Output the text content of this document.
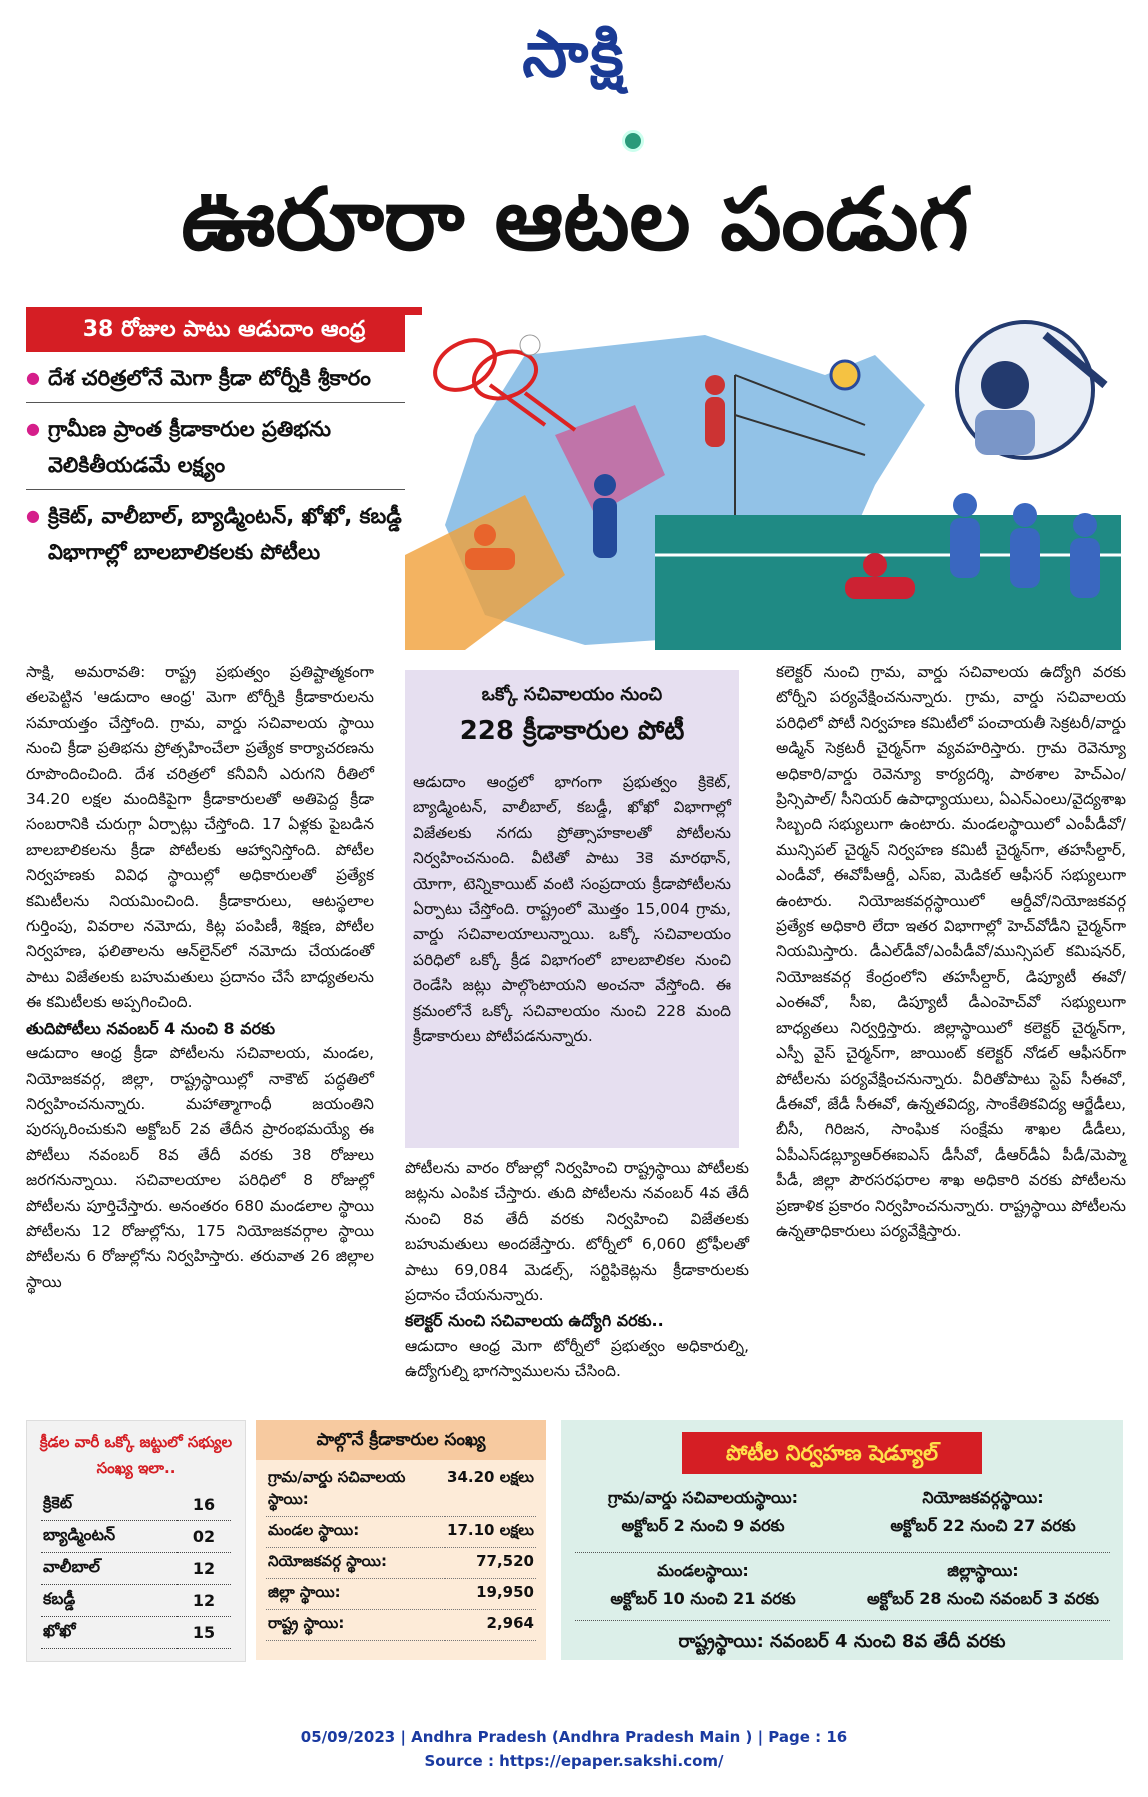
సాక్షి
ఊరూరా ఆటల పండుగ
38 రోజుల పాటు ఆడుదాం ఆంధ్ర
● దేశ చరిత్రలోనే మెగా క్రీడా టోర్నీకి శ్రీకారం
● గ్రామీణ ప్రాంత క్రీడాకారుల ప్రతిభను వెలికితీయడమే లక్ష్యం
● క్రికెట్, వాలీబాల్, బ్యాడ్మింటన్, ఖోఖో, కబడ్డీ విభాగాల్లో బాలబాలికలకు పోటీలు
సాక్షి, అమరావతి: రాష్ట్ర ప్రభుత్వం ప్రతిష్టాత్మకంగా తలపెట్టిన 'ఆడుదాం ఆంధ్ర' మెగా టోర్నీకి క్రీడాకారులను సమాయత్తం చేస్తోంది. గ్రామ, వార్డు సచివాలయ స్థాయి నుంచి క్రీడా ప్రతిభను ప్రోత్సహించేలా ప్రత్యేక కార్యాచరణను రూపొందించింది. దేశ చరిత్రలో కనీవినీ ఎరుగని రీతిలో 34.20 లక్షల మందికిపైగా క్రీడాకారులతో అతిపెద్ద క్రీడా సంబరానికి చురుగ్గా ఏర్పాట్లు చేస్తోంది. 17 ఏళ్లకు పైబడిన బాలబాలికలను క్రీడా పోటీలకు ఆహ్వానిస్తోంది. పోటీల నిర్వహణకు వివిధ స్థాయిల్లో అధికారులతో ప్రత్యేక కమిటీలను నియమించింది. క్రీడాకారులు, ఆటస్థలాల గుర్తింపు, వివరాల నమోదు, కిట్ల పంపిణీ, శిక్షణ, పోటీల నిర్వహణ, ఫలితాలను ఆన్‌లైన్‌లో నమోదు చేయడంతో పాటు విజేతలకు బహుమతులు ప్రదానం చేసే బాధ్యతలను ఈ కమిటీలకు అప్పగించింది.
తుదిపోటీలు నవంబర్ 4 నుంచి 8 వరకు
ఆడుదాం ఆంధ్ర క్రీడా పోటీలను సచివాలయ, మండల, నియోజకవర్గ, జిల్లా, రాష్ట్రస్థాయిల్లో నాకౌట్ పద్ధతిలో నిర్వహించనున్నారు. మహాత్మాగాంధీ జయంతిని పురస్కరించుకుని అక్టోబర్ 2వ తేదీన ప్రారంభమయ్యే ఈ పోటీలు నవంబర్ 8వ తేదీ వరకు 38 రోజులు జరగనున్నాయి. సచివాలయాల పరిధిలో 8 రోజుల్లో పోటీలను పూర్తిచేస్తారు. అనంతరం 680 మండలాల స్థాయి పోటీలను 12 రోజుల్లోను, 175 నియోజకవర్గాల స్థాయి పోటీలను 6 రోజుల్లోను నిర్వహిస్తారు. తరువాత 26 జిల్లాల స్థాయి
ఒక్కో సచివాలయం నుంచి
228 క్రీడాకారుల పోటీ
ఆడుదాం ఆంధ్రలో భాగంగా ప్రభుత్వం క్రికెట్, బ్యాడ్మింటన్, వాలీబాల్, కబడ్డీ, ఖోఖో విభాగాల్లో విజేతలకు నగదు ప్రోత్సాహకాలతో పోటీలను నిర్వహించనుంది. వీటితో పాటు 3కె మారథాన్, యోగా, టెన్నికాయిట్ వంటి సంప్రదాయ క్రీడాపోటీలను ఏర్పాటు చేస్తోంది. రాష్ట్రంలో మొత్తం 15,004 గ్రామ, వార్డు సచివాలయాలున్నాయి. ఒక్కో సచివాలయం పరిధిలో ఒక్కో క్రీడ విభాగంలో బాలబాలికల నుంచి రెండేసి జట్లు పాల్గొంటాయని అంచనా వేస్తోంది. ఈ క్రమంలోనే ఒక్కో సచివాలయం నుంచి 228 మంది క్రీడాకారులు పోటీపడనున్నారు.
పోటీలను వారం రోజుల్లో నిర్వహించి రాష్ట్రస్థాయి పోటీలకు జట్లను ఎంపిక చేస్తారు. తుది పోటీలను నవంబర్ 4వ తేదీ నుంచి 8వ తేదీ వరకు నిర్వహించి విజేతలకు బహుమతులు అందజేస్తారు. టోర్నీలో 6,060 ట్రోఫీలతో పాటు 69,084 మెడల్స్, సర్టిఫికెట్లను క్రీడాకారులకు ప్రదానం చేయనున్నారు.
కలెక్టర్ నుంచి సచివాలయ ఉద్యోగి వరకు..
ఆడుదాం ఆంధ్ర మెగా టోర్నీలో ప్రభుత్వం అధికారుల్ని, ఉద్యోగుల్ని భాగస్వాములను చేసింది.
కలెక్టర్ నుంచి గ్రామ, వార్డు సచివాలయ ఉద్యోగి వరకు టోర్నీని పర్యవేక్షించనున్నారు. గ్రామ, వార్డు సచివాలయ పరిధిలో పోటీ నిర్వహణ కమిటీలో పంచాయతీ సెక్రటరీ/వార్డు అడ్మిన్ సెక్రటరీ చైర్మన్‌గా వ్యవహరిస్తారు. గ్రామ రెవెన్యూ అధికారి/వార్డు రెవెన్యూ కార్యదర్శి, పాఠశాల హెచ్‌ఎం/ప్రిన్సిపాల్/ సీనియర్ ఉపాధ్యాయులు, ఏఎన్‌ఎంలు/వైద్యశాఖ సిబ్బంది సభ్యులుగా ఉంటారు. మండలస్థాయిలో ఎంపీడీవో/మున్సిపల్ చైర్మన్ నిర్వహణ కమిటీ చైర్మన్‌గా, తహసీల్దార్, ఎండీవో, ఈవోపీఆర్డీ, ఎస్‌ఐ, మెడికల్ ఆఫీసర్ సభ్యులుగా ఉంటారు. నియోజకవర్గస్థాయిలో ఆర్డీవో/నియోజకవర్గ ప్రత్యేక అధికారి లేదా ఇతర విభాగాల్లో హెచ్‌వోడీని చైర్మన్‌గా నియమిస్తారు. డీఎల్‌డీవో/ఎంపీడీవో/మున్సిపల్ కమిషనర్, నియోజకవర్గ కేంద్రంలోని తహసీల్దార్, డిప్యూటీ ఈవో/ఎంఈవో, సీఐ, డిప్యూటీ డీఎంహెచ్‌వో సభ్యులుగా బాధ్యతలు నిర్వర్తిస్తారు. జిల్లాస్థాయిలో కలెక్టర్ చైర్మన్‌గా, ఎస్పీ వైస్ చైర్మన్‌గా, జాయింట్ కలెక్టర్ నోడల్ ఆఫీసర్‌గా పోటీలను పర్యవేక్షించనున్నారు. వీరితోపాటు స్టెప్ సీఈవో, డీఈవో, జేడీ సీఈవో, ఉన్నతవిద్య, సాంకేతికవిద్య ఆర్జేడీలు, బీసీ, గిరిజన, సాంఘిక సంక్షేమ శాఖల డీడీలు, ఏపీఎస్‌డబ్ల్యూఆర్‌ఈఐఎస్ డీసీవో, డీఆర్‌డీఏ పీడీ/మెప్మా పీడీ, జిల్లా పౌరసరఫరాల శాఖ అధికారి వరకు పోటీలను ప్రణాళిక ప్రకారం నిర్వహించనున్నారు. రాష్ట్రస్థాయి పోటీలను ఉన్నతాధికారులు పర్యవేక్షిస్తారు.
క్రీడల వారీ ఒక్కో జట్టులో సభ్యుల సంఖ్య ఇలా..
క్రికెట్	16
బ్యాడ్మింటన్	02
వాలీబాల్	12
కబడ్డీ	12
ఖోఖో	15
పాల్గొనే క్రీడాకారుల సంఖ్య
గ్రామ/వార్డు సచివాలయ స్థాయి:	34.20 లక్షలు
మండల స్థాయి:	17.10 లక్షలు
నియోజకవర్గ స్థాయి:	77,520
జిల్లా స్థాయి:	19,950
రాష్ట్ర స్థాయి:	2,964
పోటీల నిర్వహణ షెడ్యూల్
గ్రామ/వార్డు సచివాలయస్థాయి:
అక్టోబర్ 2 నుంచి 9 వరకు
నియోజకవర్గస్థాయి:
అక్టోబర్ 22 నుంచి 27 వరకు
మండలస్థాయి:
అక్టోబర్ 10 నుంచి 21 వరకు
జిల్లాస్థాయి:
అక్టోబర్ 28 నుంచి నవంబర్ 3 వరకు
రాష్ట్రస్థాయి: నవంబర్ 4 నుంచి 8వ తేదీ వరకు
05/09/2023 | Andhra Pradesh (Andhra Pradesh Main ) | Page : 16
Source : https://epaper.sakshi.com/
